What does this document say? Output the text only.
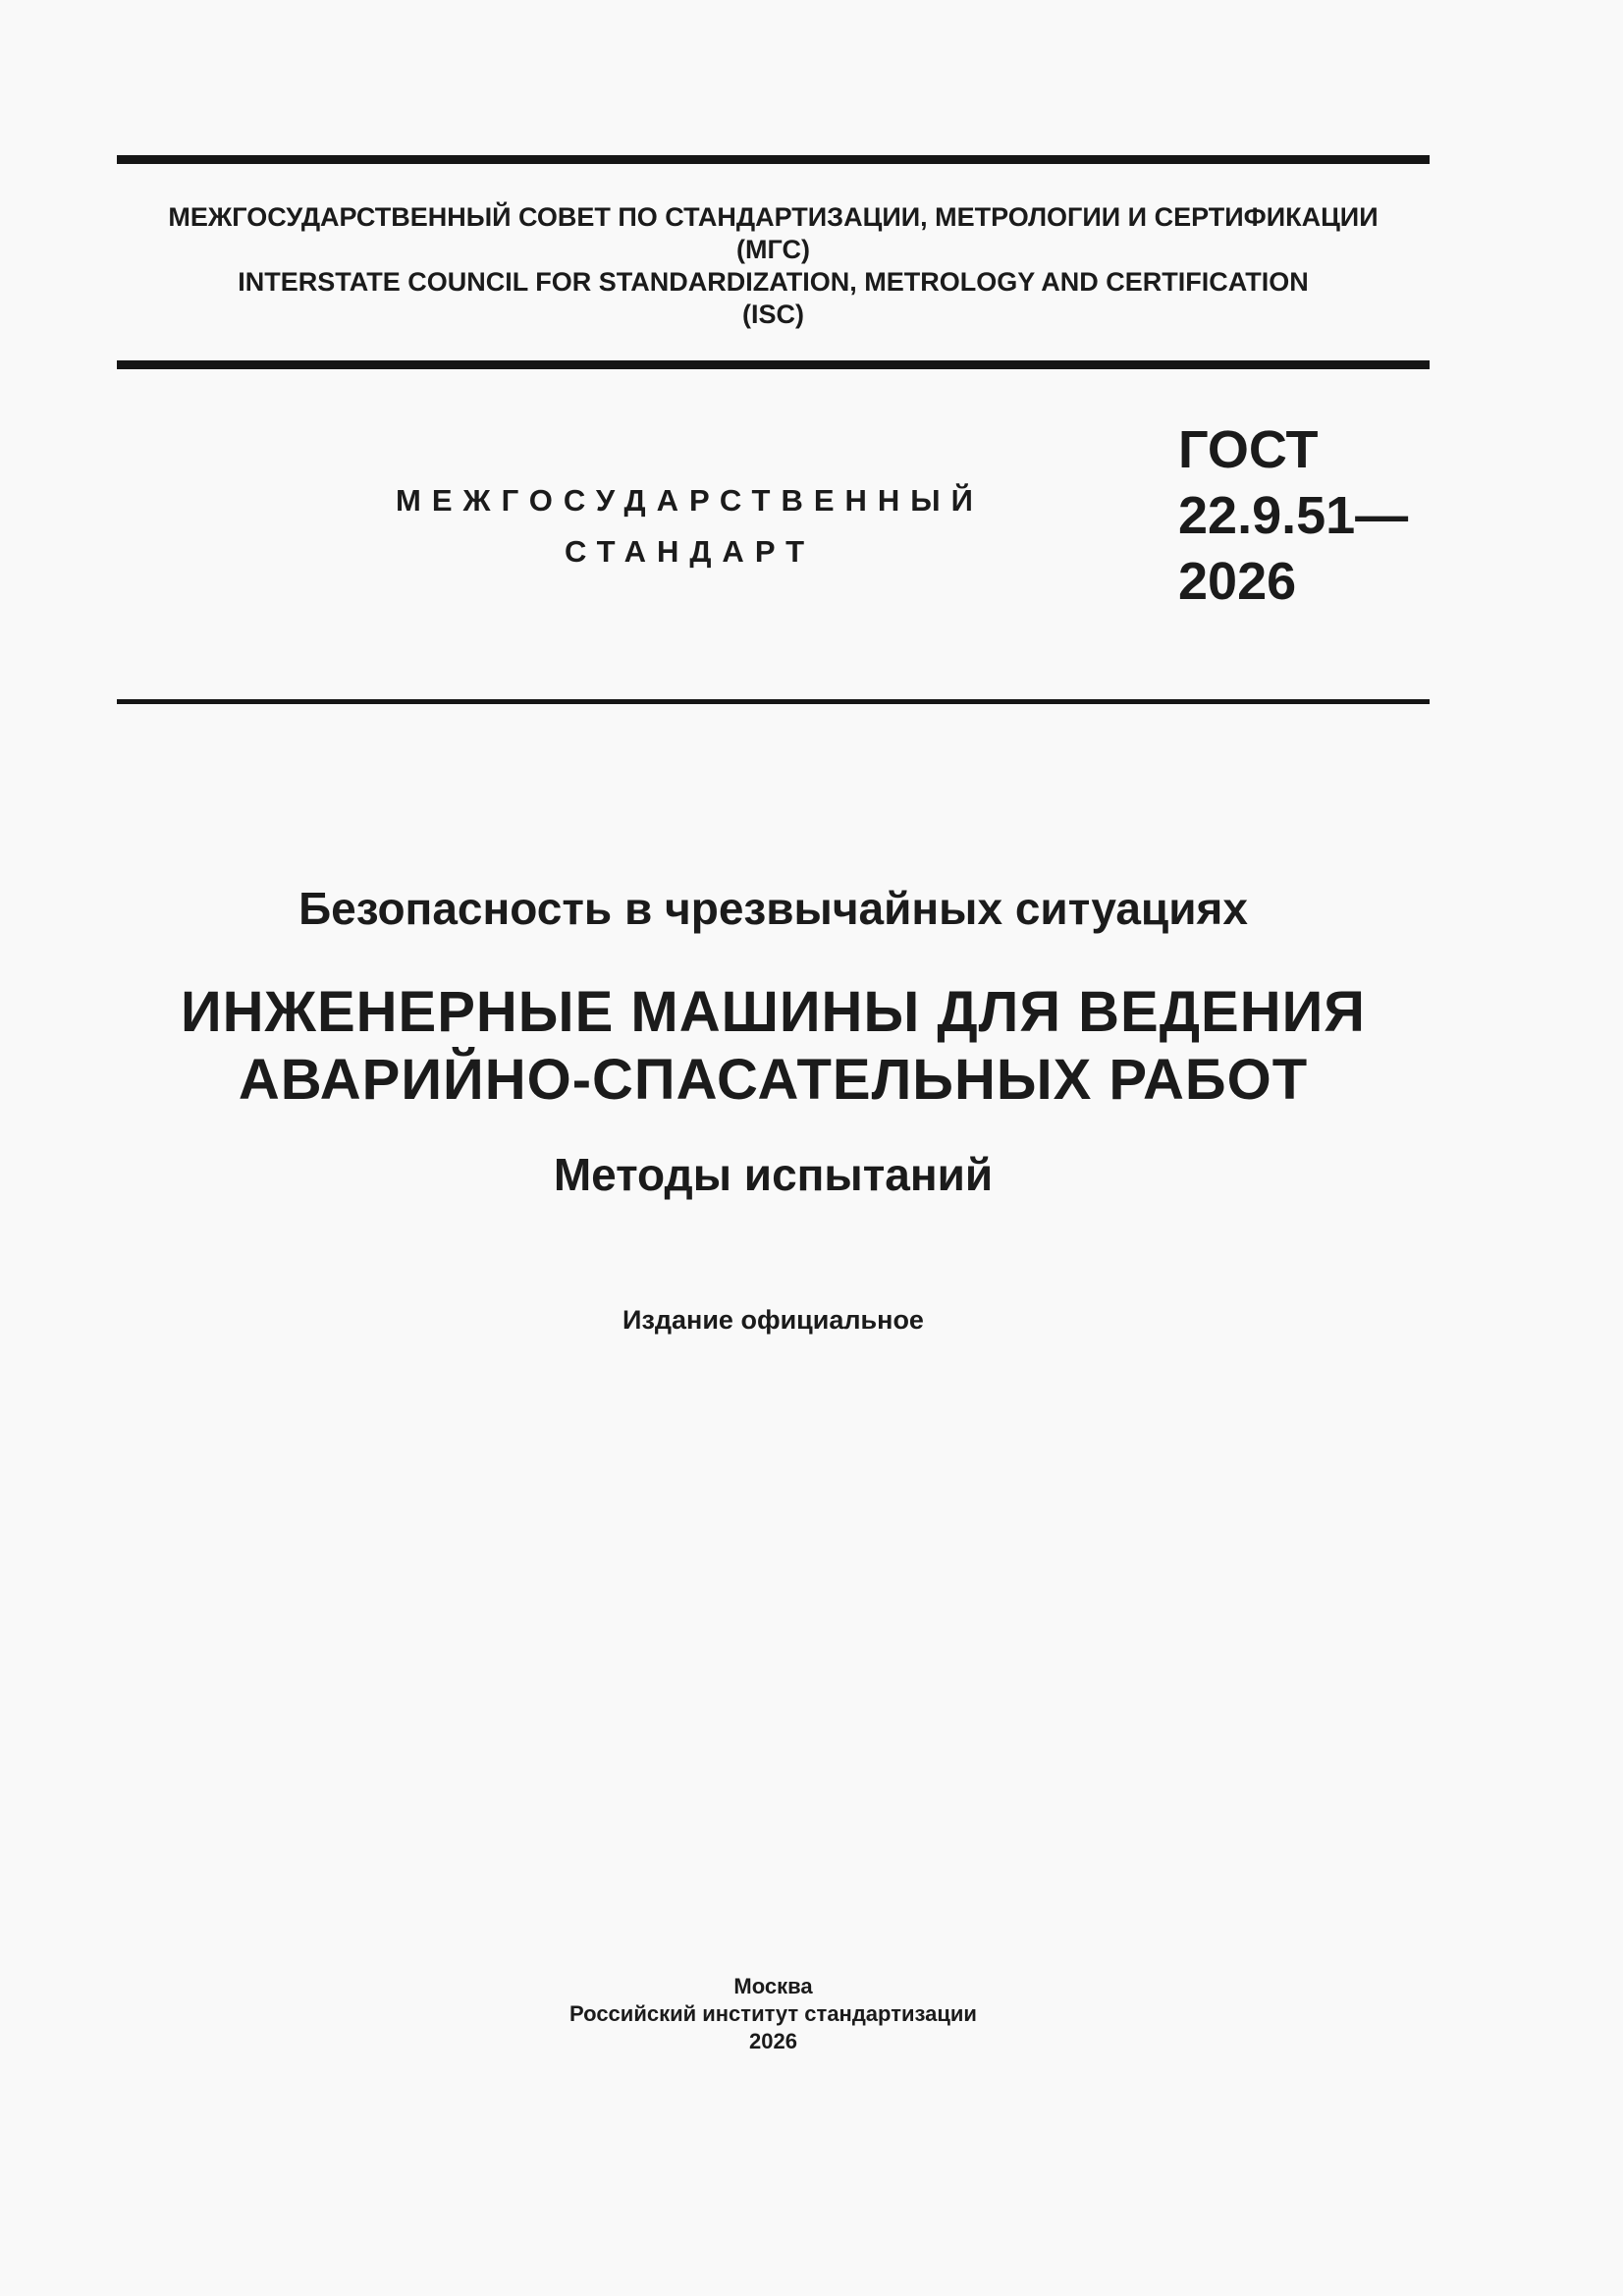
МЕЖГОСУДАРСТВЕННЫЙ СОВЕТ ПО СТАНДАРТИЗАЦИИ, МЕТРОЛОГИИ И СЕРТИФИКАЦИИ
(МГС)
INTERSTATE COUNCIL FOR STANDARDIZATION, METROLOGY AND CERTIFICATION
(ISC)
МЕЖГОСУДАРСТВЕННЫЙ
СТАНДАРТ
ГОСТ
22.9.51—
2026
Безопасность в чрезвычайных ситуациях
ИНЖЕНЕРНЫЕ МАШИНЫ ДЛЯ ВЕДЕНИЯ
АВАРИЙНО-СПАСАТЕЛЬНЫХ РАБОТ
Методы испытаний
Издание официальное
Москва
Российский институт стандартизации
2026
